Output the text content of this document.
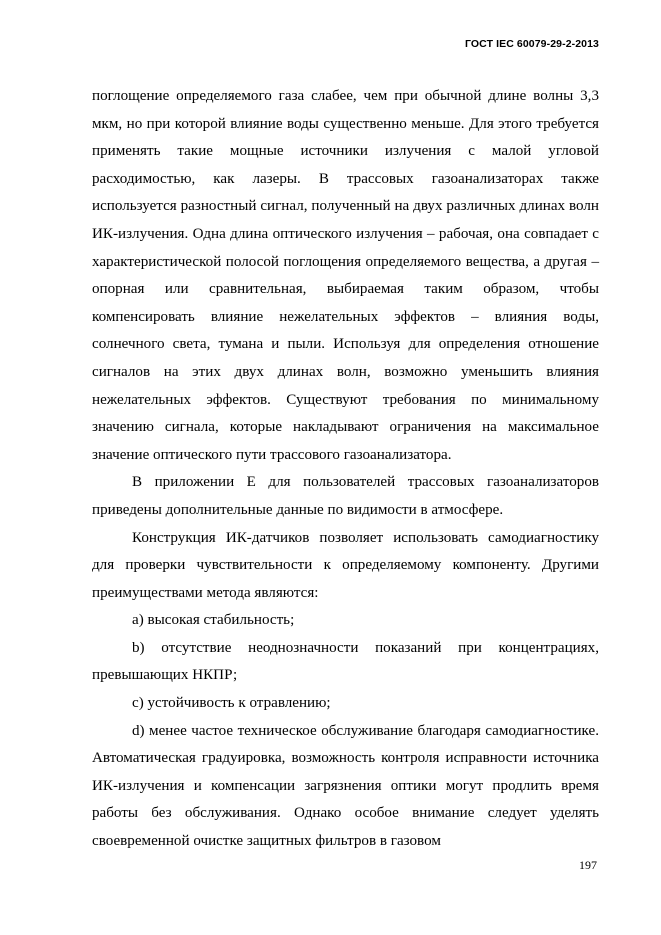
ГОСТ IEC 60079-29-2-2013

поглощение определяемого газа слабее, чем при обычной длине волны 3,3 мкм, но при которой влияние воды существенно меньше. Для этого требуется применять такие мощные источники излучения с малой угловой расходимостью, как лазеры. В трассовых газоанализаторах также используется разностный сигнал, полученный на двух различных длинах волн ИК-излучения. Одна длина оптического излучения – рабочая, она совпадает с характеристической полосой поглощения определяемого вещества, а другая – опорная или сравнительная, выбираемая таким образом, чтобы компенсировать влияние нежелательных эффектов – влияния воды, солнечного света, тумана и пыли. Используя для определения отношение сигналов на этих двух длинах волн, возможно уменьшить влияния нежелательных эффектов. Существуют требования по минимальному значению сигнала, которые накладывают ограничения на максимальное значение оптического пути трассового газоанализатора.

В приложении Е для пользователей трассовых газоанализаторов приведены дополнительные данные по видимости в атмосфере.

Конструкция ИК-датчиков позволяет использовать самодиагностику для проверки чувствительности к определяемому компоненту. Другими преимуществами метода являются:

а) высокая стабильность;

b) отсутствие неоднозначности показаний при концентрациях, превышающих НКПР;

с) устойчивость к отравлению;

d) менее частое техническое обслуживание благодаря самодиагностике. Автоматическая градуировка, возможность контроля исправности источника ИК-излучения и компенсации загрязнения оптики могут продлить время работы без обслуживания. Однако особое внимание следует уделять своевременной очистке защитных фильтров в газовом

197
